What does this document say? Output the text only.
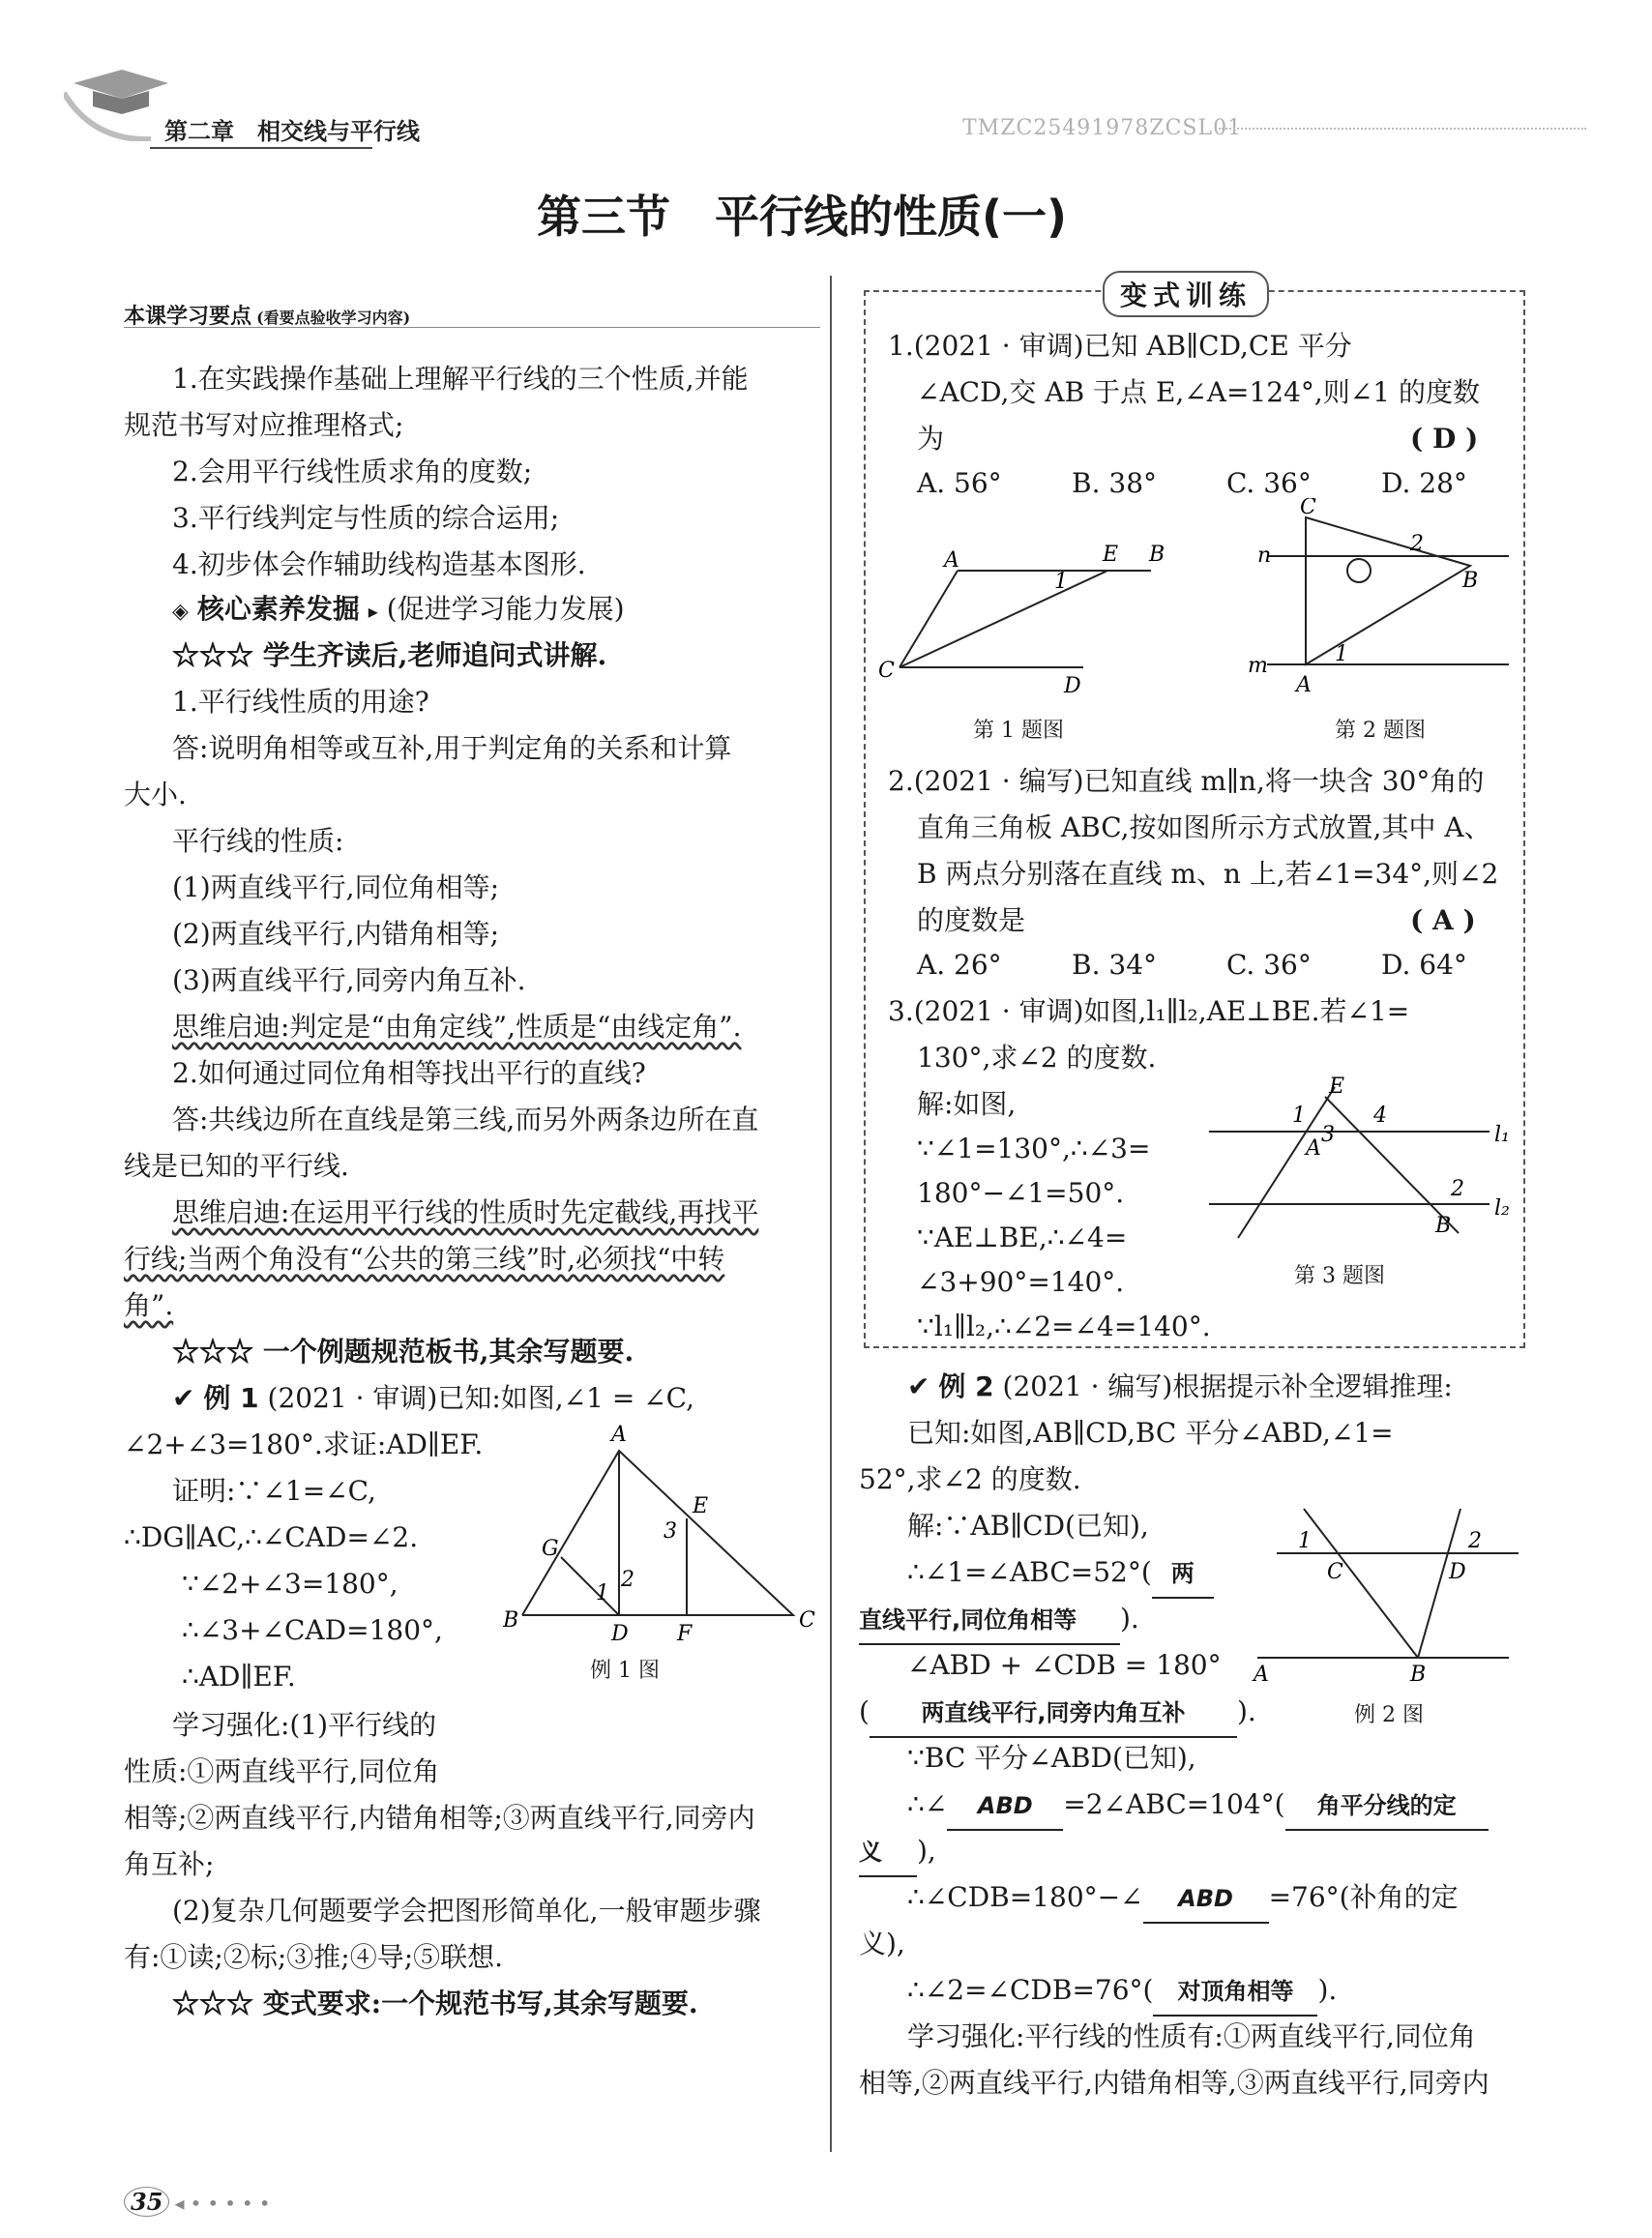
第二章　相交线与平行线	TMZC25491978ZCSL01
第三节　平行线的性质(一)
本课学习要点 (看要点验收学习内容)
1.在实践操作基础上理解平行线的三个性质,并能
规范书写对应推理格式;
2.会用平行线性质求角的度数;
3.平行线判定与性质的综合运用;
4.初步体会作辅助线构造基本图形.
◈ 核心素养发掘 ▸ (促进学习能力发展)
☆☆☆ 学生齐读后,老师追问式讲解.
1.平行线性质的用途?
答:说明角相等或互补,用于判定角的关系和计算
大小.
平行线的性质:
(1)两直线平行,同位角相等;
(2)两直线平行,内错角相等;
(3)两直线平行,同旁内角互补.
思维启迪:判定是“由角定线”,性质是“由线定角”.
2.如何通过同位角相等找出平行的直线?
答:共线边所在直线是第三线,而另外两条边所在直
线是已知的平行线.
思维启迪:在运用平行线的性质时先定截线,再找平
行线;当两个角没有“公共的第三线”时,必须找“中转
角”.
☆☆☆ 一个例题规范板书,其余写题要.
✔ 例 1 (2021 · 审调)已知:如图,∠1 = ∠C,
∠2+∠3=180°.求证:AD∥EF.
证明:∵∠1=∠C,
∴DG∥AC,∴∠CAD=∠2.
∵∠2+∠3=180°,
∴∠3+∠CAD=180°,
∴AD∥EF.
学习强化:(1)平行线的
性质:①两直线平行,同位角
相等;②两直线平行,内错角相等;③两直线平行,同旁内
角互补;
(2)复杂几何题要学会把图形简单化,一般审题步骤
有:①读;②标;③推;④导;⑤联想.
☆☆☆ 变式要求:一个规范书写,其余写题要.
A
B	C
D
E
F
G
1
2
3
例 1 图
变式训练
1.(2021 · 审调)已知 AB∥CD,CE 平分
∠ACD,交 AB 于点 E,∠A=124°,则∠1 的度数
为	( D )
A. 56°	B. 38°	C. 36°	D. 28°
A	B
C
D
E
1
第 1 题图
A
B
C
m
n
1
2
第 2 题图
2.(2021 · 编写)已知直线 m∥n,将一块含 30°角的
直角三角板 ABC,按如图所示方式放置,其中 A、
B 两点分别落在直线 m、n 上,若∠1=34°,则∠2
的度数是	( A )
A. 26°	B. 34°	C. 36°	D. 64°
3.(2021 · 审调)如图,l₁∥l₂,AE⊥BE.若∠1=
130°,求∠2 的度数.
解:如图,
∵∠1=130°,∴∠3=
180°−∠1=50°.
∵AE⊥BE,∴∠4=
∠3+90°=140°.
∵l₁∥l₂,∴∠2=∠4=140°.
E
A
B
l₁
l₂
1
3
4
2
第 3 题图
✔ 例 2 (2021 · 编写)根据提示补全逻辑推理:
已知:如图,AB∥CD,BC 平分∠ABD,∠1=
52°,求∠2 的度数.
解:∵AB∥CD(已知),
∴∠1=∠ABC=52°( 两
直线平行,同位角相等 ).
∠ABD + ∠CDB = 180°
( 两直线平行,同旁内角互补 ).
∵BC 平分∠ABD(已知),
∴∠ ABD =2∠ABC=104°( 角平分线的定
义 ),
∴∠CDB=180°−∠ ABD =76°(补角的定
义),
∴∠2=∠CDB=76°( 对顶角相等 ).
学习强化:平行线的性质有:①两直线平行,同位角
相等,②两直线平行,内错角相等,③两直线平行,同旁内
A	B
C	D
1	2
例 2 图
35 ◂•••••
